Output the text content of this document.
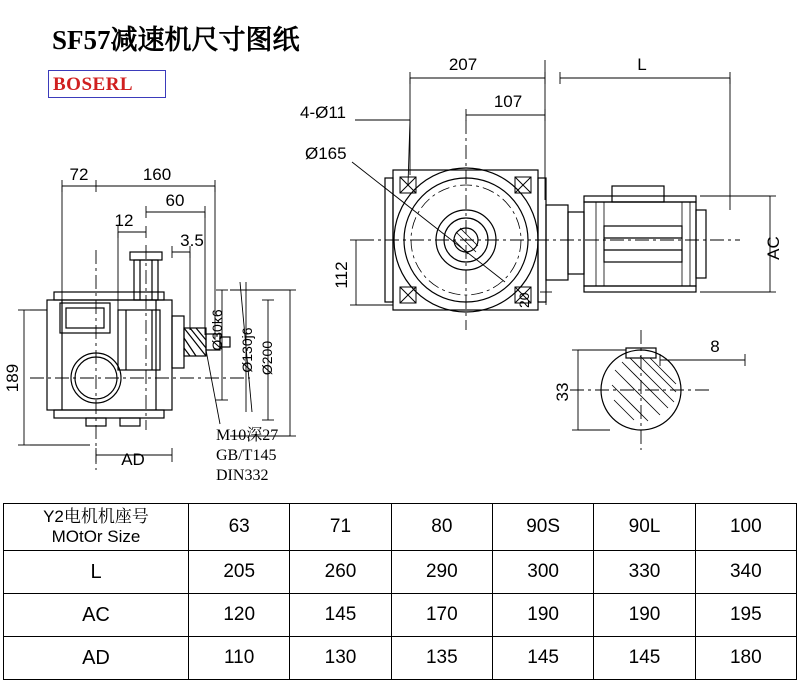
SF57减速机尺寸图纸
BOSERL
207	L
107
4-Ø11
Ø165
112
20
AC
8
33
72	160
60
12
3.5
189
AD
Ø30k6 Ø130j6 Ø200
M10深27
GB/T145
DIN332
Y2电机机座号
MOtOr Size	63	71	80	90S	90L	100
L	205	260	290	300	330	340
AC	120	145	170	190	190	195
AD	110	130	135	145	145	180
